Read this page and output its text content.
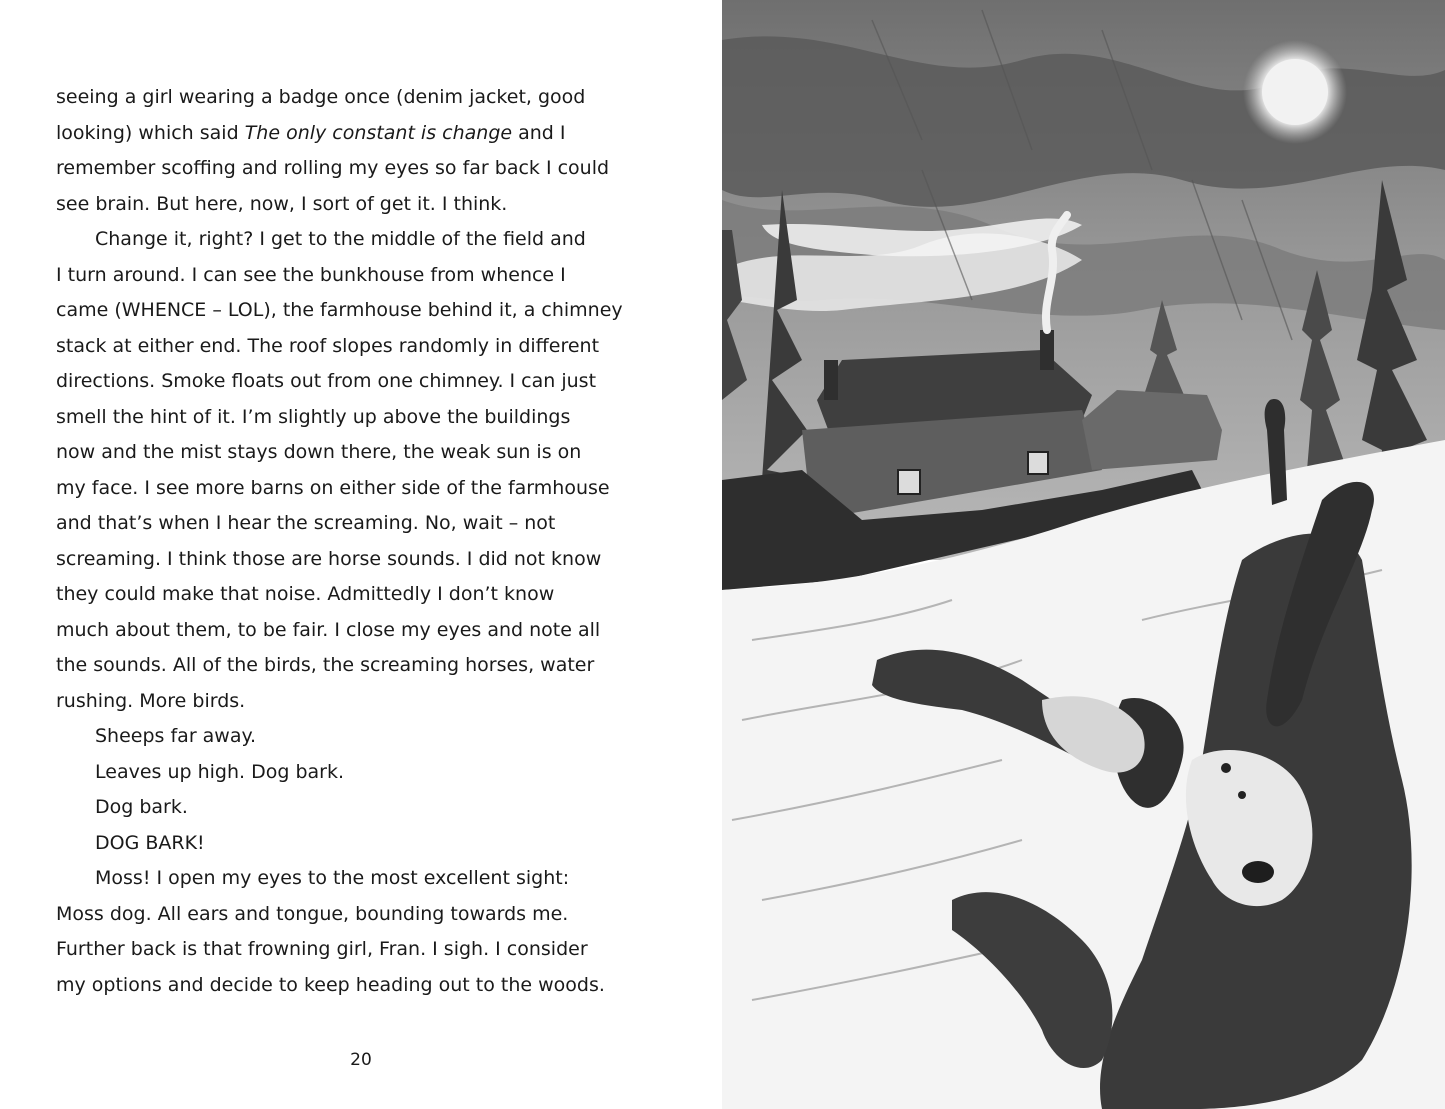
seeing a girl wearing a badge once (denim jacket, good
looking) which said The only constant is change and I
remember scoffing and rolling my eyes so far back I could
see brain. But here, now, I sort of get it. I think.
Change it, right? I get to the middle of the field and
I turn around. I can see the bunkhouse from whence I
came (WHENCE – LOL), the farmhouse behind it, a chimney
stack at either end. The roof slopes randomly in different
directions. Smoke floats out from one chimney. I can just
smell the hint of it. I’m slightly up above the buildings
now and the mist stays down there, the weak sun is on
my face. I see more barns on either side of the farmhouse
and that’s when I hear the screaming. No, wait – not
screaming. I think those are horse sounds. I did not know
they could make that noise. Admittedly I don’t know
much about them, to be fair. I close my eyes and note all
the sounds. All of the birds, the screaming horses, water
rushing. More birds.
Sheeps far away.
Leaves up high. Dog bark.
Dog bark.
DOG BARK!
Moss! I open my eyes to the most excellent sight:
Moss dog. All ears and tongue, bounding towards me.
Further back is that frowning girl, Fran. I sigh. I consider
my options and decide to keep heading out to the woods.
20
